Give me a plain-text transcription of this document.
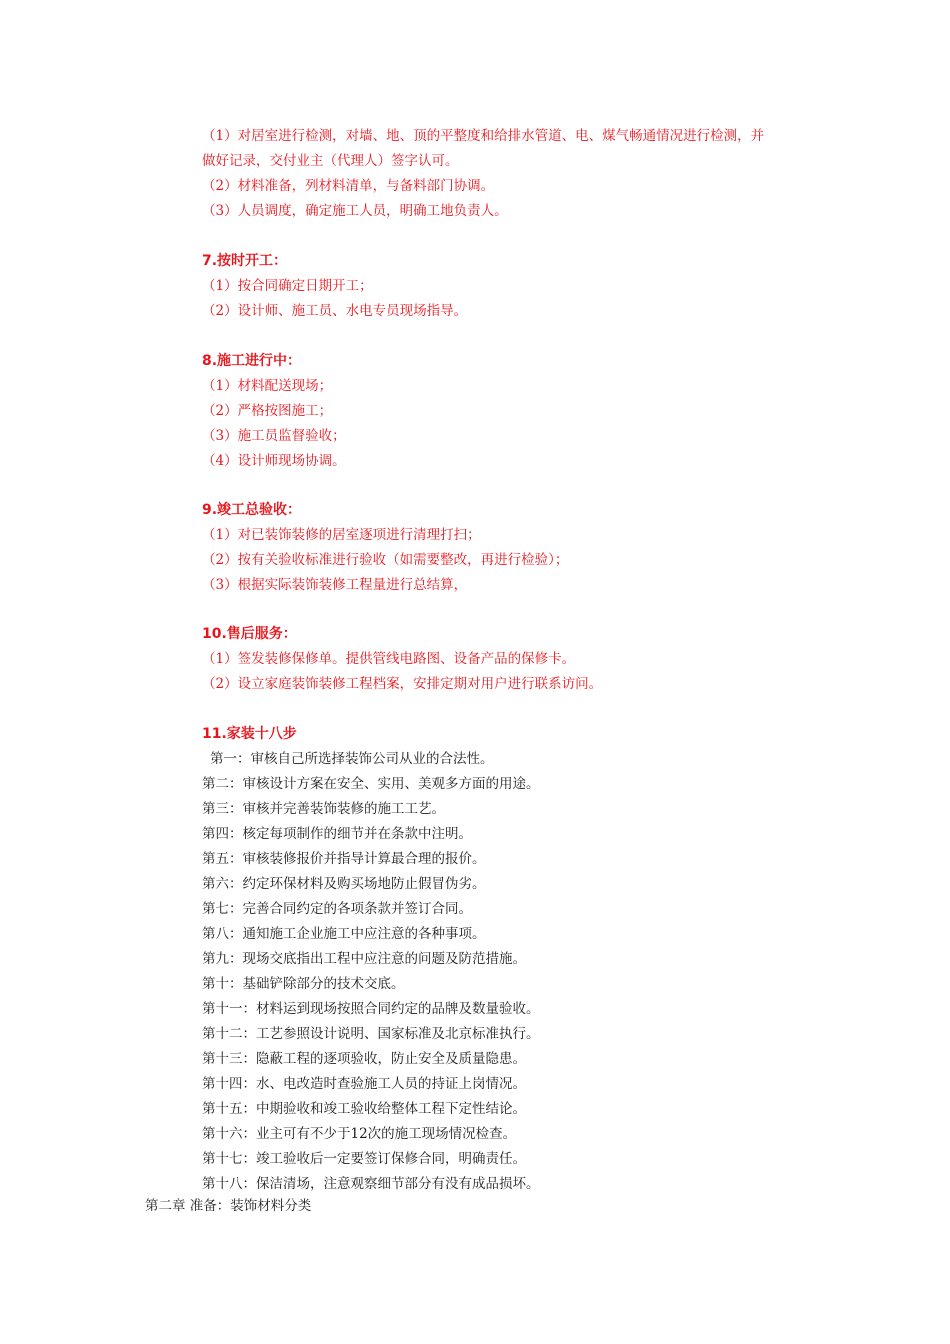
（1）对居室进行检测，对墙、地、顶的平整度和给排水管道、电、煤气畅通情况进行检测，并
做好记录，交付业主（代理人）签字认可。
（2）材料准备，列材料清单，与备料部门协调。
（3）人员调度，确定施工人员，明确工地负责人。
7.按时开工：
（1）按合同确定日期开工；
（2）设计师、施工员、水电专员现场指导。
8.施工进行中：
（1）材料配送现场；
（2）严格按图施工；
（3）施工员监督验收；
（4）设计师现场协调。
9.竣工总验收：
（1）对已装饰装修的居室逐项进行清理打扫；
（2）按有关验收标准进行验收（如需要整改，再进行检验）；
（3）根据实际装饰装修工程量进行总结算，
10.售后服务：
（1）签发装修保修单。提供管线电路图、设备产品的保修卡。
（2）设立家庭装饰装修工程档案，安排定期对用户进行联系访问。
11.家装十八步
第一：审核自己所选择装饰公司从业的合法性。
第二：审核设计方案在安全、实用、美观多方面的用途。
第三：审核并完善装饰装修的施工工艺。
第四：核定每项制作的细节并在条款中注明。
第五：审核装修报价并指导计算最合理的报价。
第六：约定环保材料及购买场地防止假冒伪劣。
第七：完善合同约定的各项条款并签订合同。
第八：通知施工企业施工中应注意的各种事项。
第九：现场交底指出工程中应注意的问题及防范措施。
第十：基础铲除部分的技术交底。
第十一：材料运到现场按照合同约定的品牌及数量验收。
第十二：工艺参照设计说明、国家标准及北京标准执行。
第十三：隐蔽工程的逐项验收，防止安全及质量隐患。
第十四：水、电改造时查验施工人员的持证上岗情况。
第十五：中期验收和竣工验收给整体工程下定性结论。
第十六：业主可有不少于12次的施工现场情况检查。
第十七：竣工验收后一定要签订保修合同，明确责任。
第十八：保洁清场，注意观察细节部分有没有成品损坏。
第二章 准备：装饰材料分类
